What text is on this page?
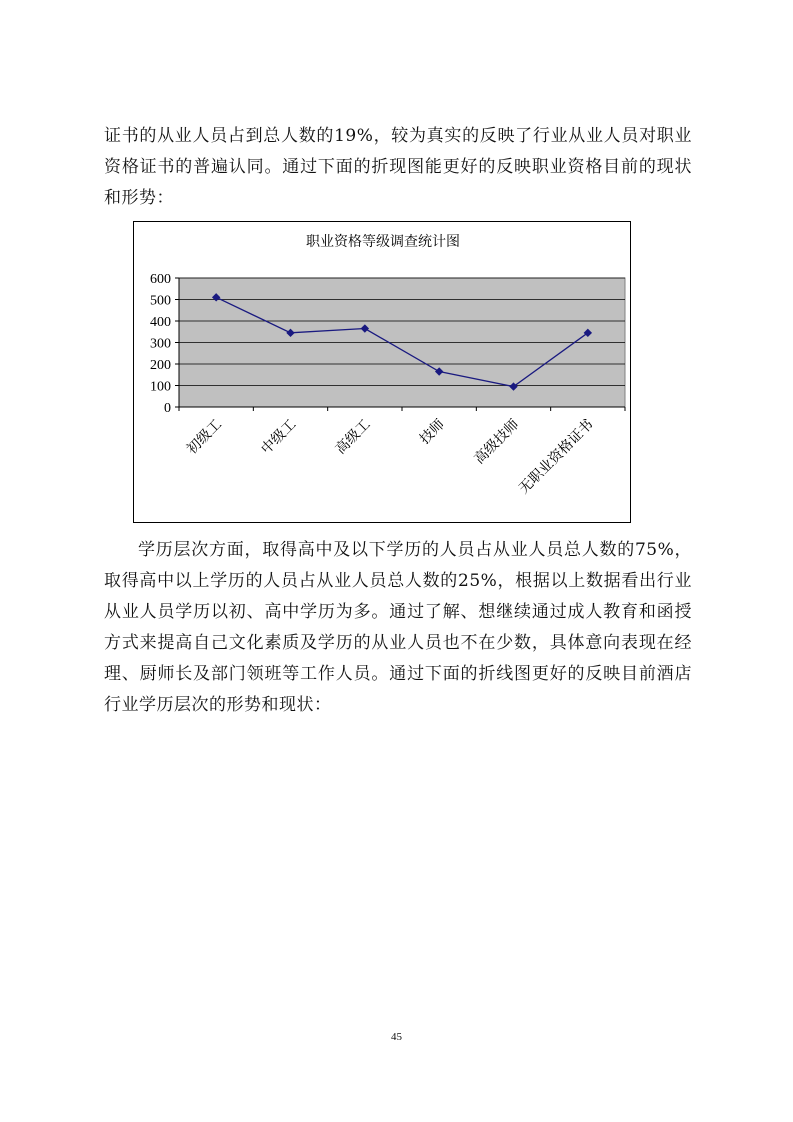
证书的从业人员占到总人数的19%，较为真实的反映了行业从业人员对职业资格证书的普遍认同。通过下面的折现图能更好的反映职业资格目前的现状和形势：

职业资格等级调查统计图
0
100
200
300
400
500
600
初级工 中级工 高级工	技师 高级技师
无职业资格证书

学历层次方面，取得高中及以下学历的人员占从业人员总人数的75%，取得高中以上学历的人员占从业人员总人数的25%，根据以上数据看出行业从业人员学历以初、高中学历为多。通过了解、想继续通过成人教育和函授方式来提高自己文化素质及学历的从业人员也不在少数，具体意向表现在经理、厨师长及部门领班等工作人员。通过下面的折线图更好的反映目前酒店行业学历层次的形势和现状：

45
